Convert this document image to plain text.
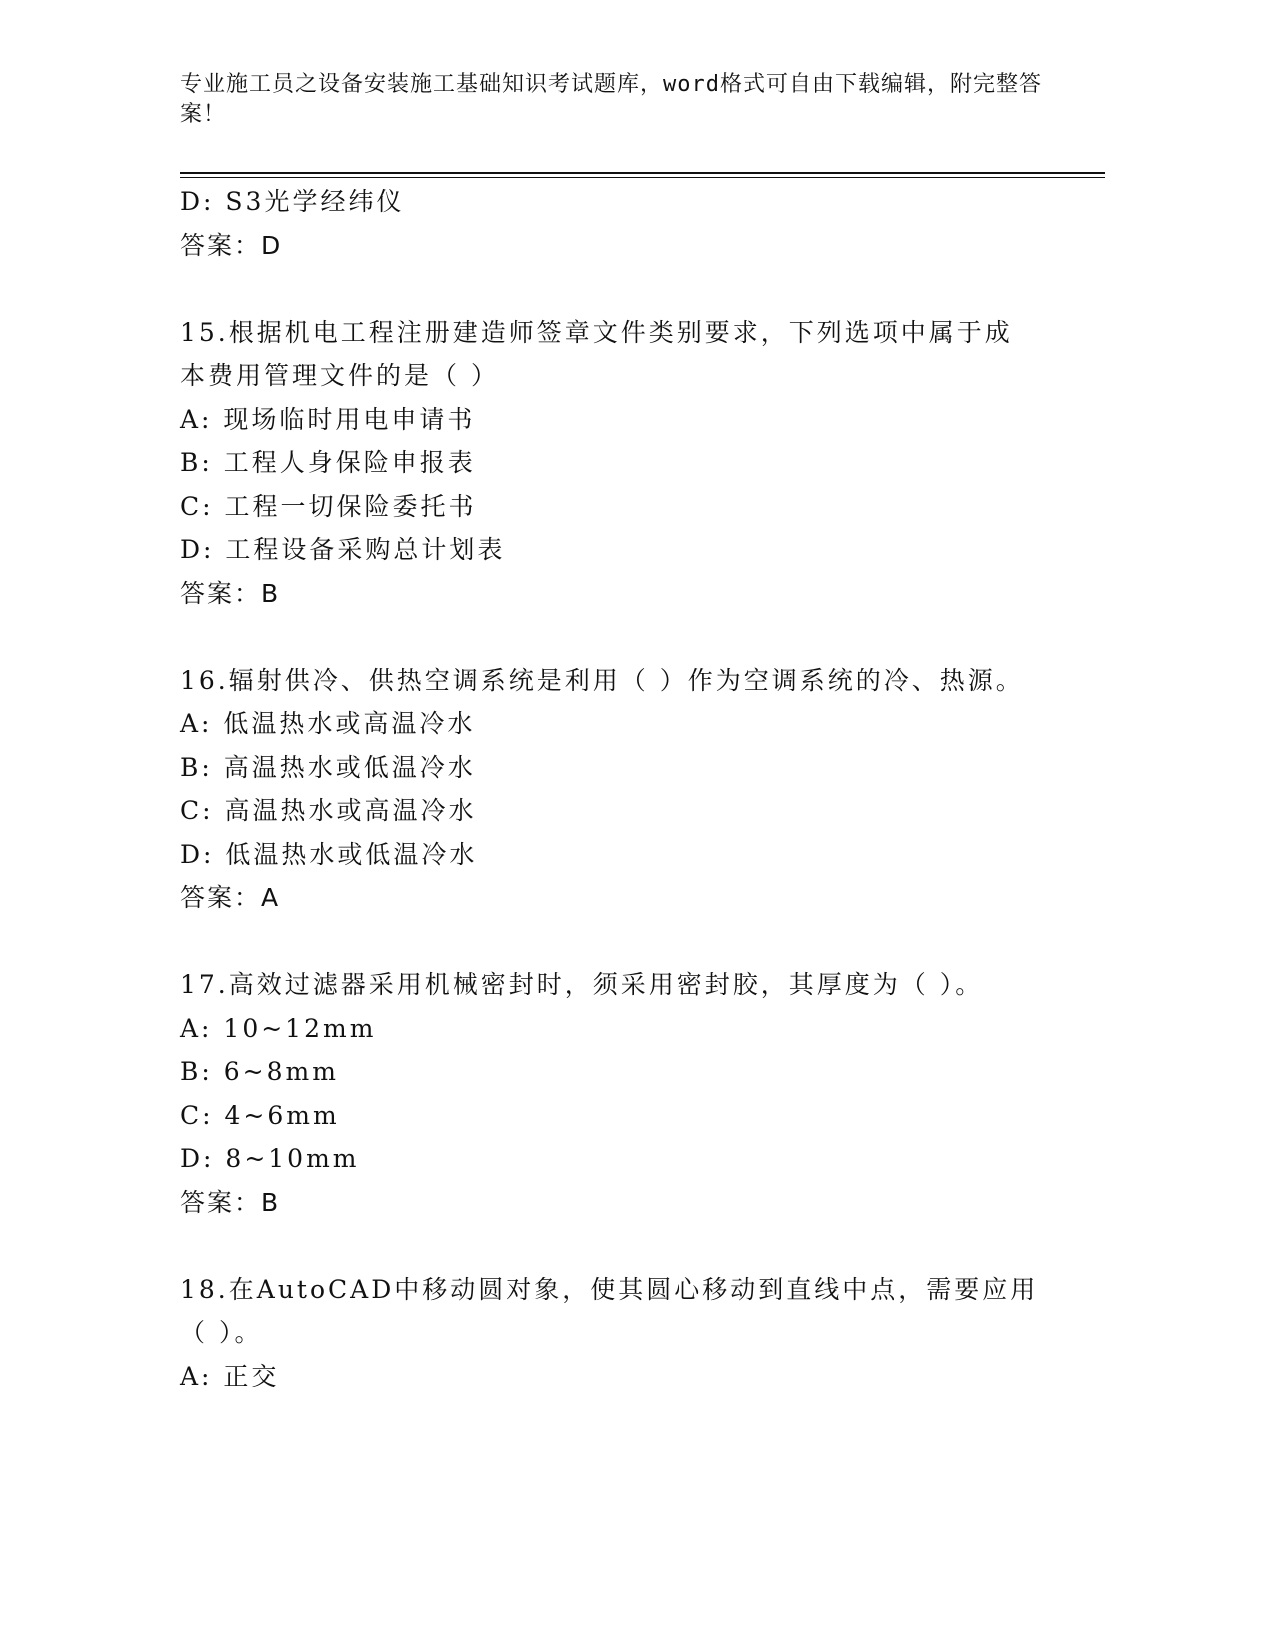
专业施工员之设备安装施工基础知识考试题库，word格式可自由下载编辑，附完整答案！
D: S3光学经纬仪
答案：D
15.根据机电工程注册建造师签章文件类别要求，下列选项中属于成本费用管理文件的是（ ）
A: 现场临时用电申请书
B: 工程人身保险申报表
C: 工程一切保险委托书
D: 工程设备采购总计划表
答案：B
16.辐射供冷、供热空调系统是利用（ ）作为空调系统的冷、热源。
A: 低温热水或高温冷水
B: 高温热水或低温冷水
C: 高温热水或高温冷水
D: 低温热水或低温冷水
答案：A
17.高效过滤器采用机械密封时，须采用密封胶，其厚度为（ ）。
A: 10~12mm
B: 6~8mm
C: 4~6mm
D: 8~10mm
答案：B
18.在AutoCAD中移动圆对象，使其圆心移动到直线中点，需要应用（ ）。
A: 正交
